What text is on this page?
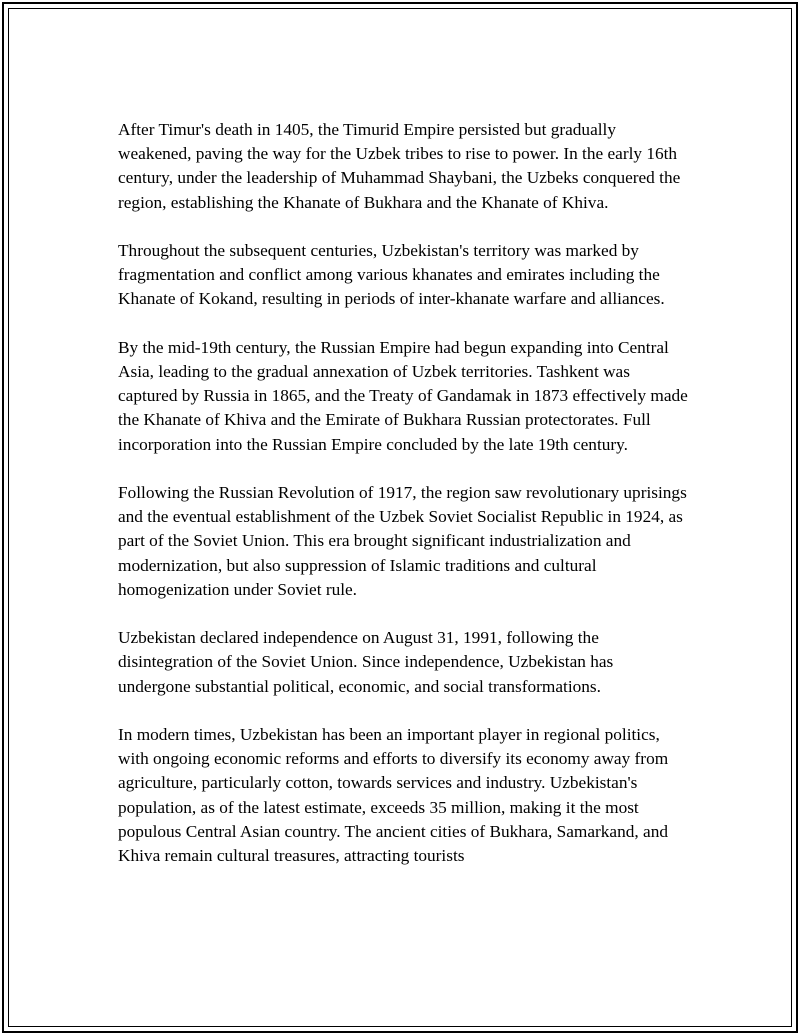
After Timur's death in 1405, the Timurid Empire persisted but gradually weakened, paving the way for the Uzbek tribes to rise to power. In the early 16th century, under the leadership of Muhammad Shaybani, the Uzbeks conquered the region, establishing the Khanate of Bukhara and the Khanate of Khiva.

Throughout the subsequent centuries, Uzbekistan's territory was marked by fragmentation and conflict among various khanates and emirates including the Khanate of Kokand, resulting in periods of inter-khanate warfare and alliances.

By the mid-19th century, the Russian Empire had begun expanding into Central Asia, leading to the gradual annexation of Uzbek territories. Tashkent was captured by Russia in 1865, and the Treaty of Gandamak in 1873 effectively made the Khanate of Khiva and the Emirate of Bukhara Russian protectorates. Full incorporation into the Russian Empire concluded by the late 19th century.

Following the Russian Revolution of 1917, the region saw revolutionary uprisings and the eventual establishment of the Uzbek Soviet Socialist Republic in 1924, as part of the Soviet Union. This era brought significant industrialization and modernization, but also suppression of Islamic traditions and cultural homogenization under Soviet rule.

Uzbekistan declared independence on August 31, 1991, following the disintegration of the Soviet Union. Since independence, Uzbekistan has undergone substantial political, economic, and social transformations.

In modern times, Uzbekistan has been an important player in regional politics, with ongoing economic reforms and efforts to diversify its economy away from agriculture, particularly cotton, towards services and industry. Uzbekistan's population, as of the latest estimate, exceeds 35 million, making it the most populous Central Asian country. The ancient cities of Bukhara, Samarkand, and Khiva remain cultural treasures, attracting tourists
